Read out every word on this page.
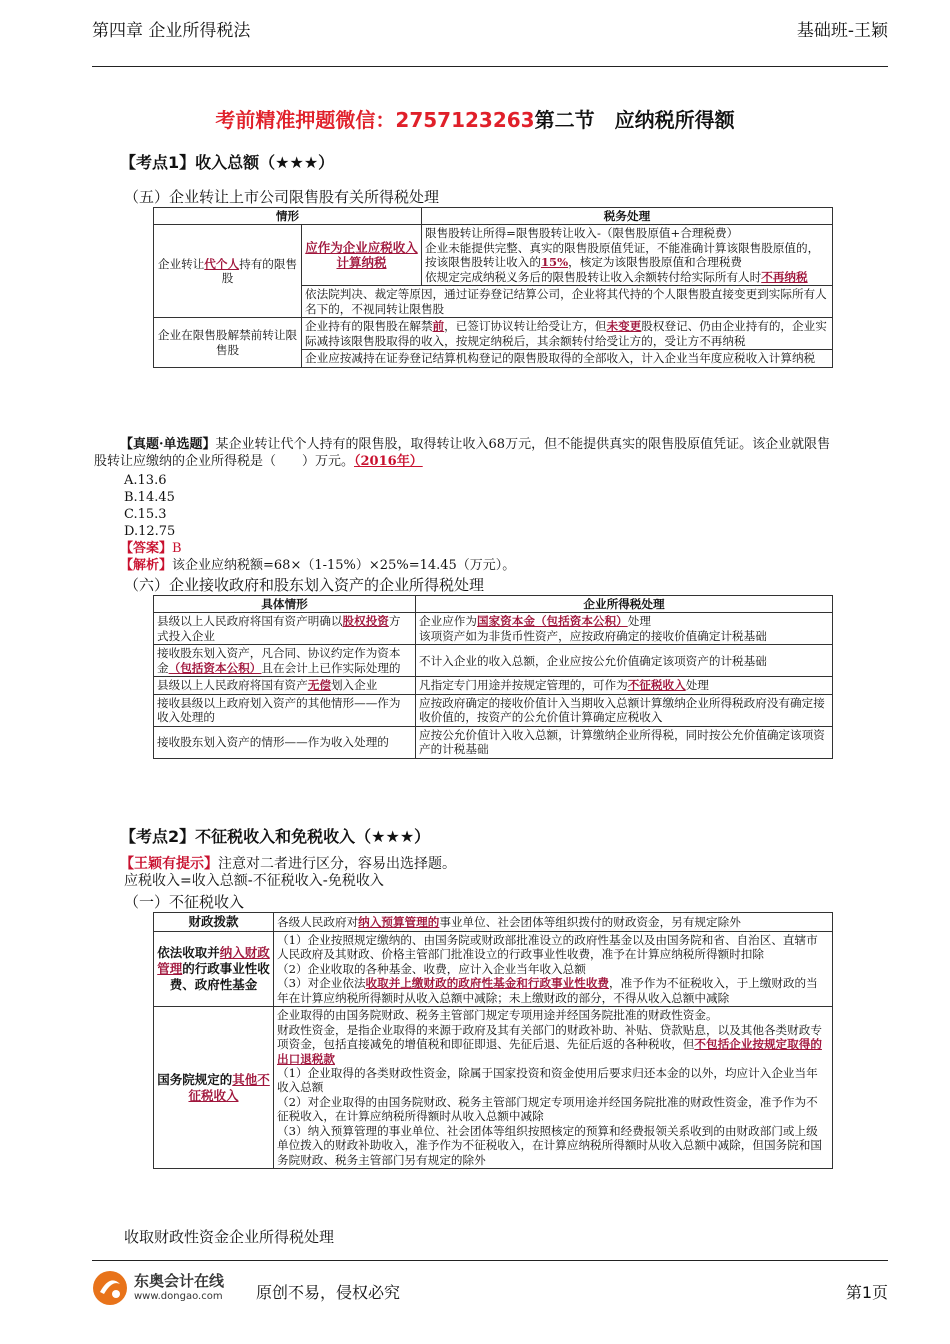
第四章 企业所得税法	基础班-王颖
考前精准押题微信：2757123263第二节　应纳税所得额
【考点1】收入总额（★★★）
（五）企业转让上市公司限售股有关所得税处理
情形		税务处理
企业转让代个人持有的限售股	应作为企业应税收入计算纳税	限售股转让所得=限售股转让收入-（限售股原值+合理税费）
企业未能提供完整、真实的限售股原值凭证，不能准确计算该限售股原值的，按该限售股转让收入的15%，核定为该限售股原值和合理税费
依规定完成纳税义务后的限售股转让收入余额转付给实际所有人时不再纳税

	依法院判决、裁定等原因，通过证券登记结算公司，企业将其代持的个人限售股直接变更到实际所有人名下的，不视同转让限售股	
企业在限售股解禁前转让限售股	企业持有的限售股在解禁前，已签订协议转让给受让方，但未变更股权登记、仍由企业持有的，企业实际减持该限售股取得的收入，按规定纳税后，其余额转付给受让方的，受让方不再纳税	
	企业应按减持在证券登记结算机构登记的限售股取得的全部收入，计入企业当年度应税收入计算纳税	
  【真题·单选题】某企业转让代个人持有的限售股，取得转让收入68万元，但不能提供真实的限售股原值凭证。该企业就限售股转让应缴纳的企业所得税是（　　）万元。（2016年）
A.13.6
B.14.45
C.15.3
D.12.75
【答案】B
【解析】该企业应纳税额=68×（1-15%）×25%=14.45（万元）。
（六）企业接收政府和股东划入资产的企业所得税处理
具体情形	企业所得税处理
县级以上人民政府将国有资产明确以股权投资方式投入企业	企业应作为国家资本金（包括资本公积）处理
该项资产如为非货币性资产，应按政府确定的接收价值确定计税基础
接收股东划入资产，凡合同、协议约定作为资本金（包括资本公积）且在会计上已作实际处理的	不计入企业的收入总额，企业应按公允价值确定该项资产的计税基础
县级以上人民政府将国有资产无偿划入企业	凡指定专门用途并按规定管理的，可作为不征税收入处理
接收县级以上政府划入资产的其他情形——作为收入处理的	应按政府确定的接收价值计入当期收入总额计算缴纳企业所得税政府没有确定接收价值的，按资产的公允价值计算确定应税收入
接收股东划入资产的情形——作为收入处理的	应按公允价值计入收入总额，计算缴纳企业所得税，同时按公允价值确定该项资产的计税基础
【考点2】不征税收入和免税收入（★★★）
【王颖有提示】注意对二者进行区分，容易出选择题。
应税收入=收入总额-不征税收入-免税收入
（一）不征税收入
财政拨款	各级人民政府对纳入预算管理的事业单位、社会团体等组织拨付的财政资金，另有规定除外
依法收取并纳入财政管理的行政事业性收费、政府性基金	（1）企业按照规定缴纳的、由国务院或财政部批准设立的政府性基金以及由国务院和省、自治区、直辖市人民政府及其财政、价格主管部门批准设立的行政事业性收费，准予在计算应纳税所得额时扣除
（2）企业收取的各种基金、收费，应计入企业当年收入总额
（3）对企业依法收取并上缴财政的政府性基金和行政事业性收费，准予作为不征税收入，于上缴财政的当年在计算应纳税所得额时从收入总额中减除；未上缴财政的部分，不得从收入总额中减除

国务院规定的其他不征税收入	企业取得的由国务院财政、税务主管部门规定专项用途并经国务院批准的财政性资金。
财政性资金，是指企业取得的来源于政府及其有关部门的财政补助、补贴、贷款贴息，以及其他各类财政专项资金，包括直接减免的增值税和即征即退、先征后退、先征后返的各种税收，但不包括企业按规定取得的出口退税款
（1）企业取得的各类财政性资金，除属于国家投资和资金使用后要求归还本金的以外，均应计入企业当年收入总额
（2）对企业取得的由国务院财政、税务主管部门规定专项用途并经国务院批准的财政性资金，准予作为不征税收入，在计算应纳税所得额时从收入总额中减除
（3）纳入预算管理的事业单位、社会团体等组织按照核定的预算和经费报领关系收到的由财政部门或上级单位拨入的财政补助收入，准予作为不征税收入，在计算应纳税所得额时从收入总额中减除，但国务院和国务院财政、税务主管部门另有规定的除外
收取财政性资金企业所得税处理
东奥会计在线
www.dongao.com 原创不易，侵权必究	第1页
